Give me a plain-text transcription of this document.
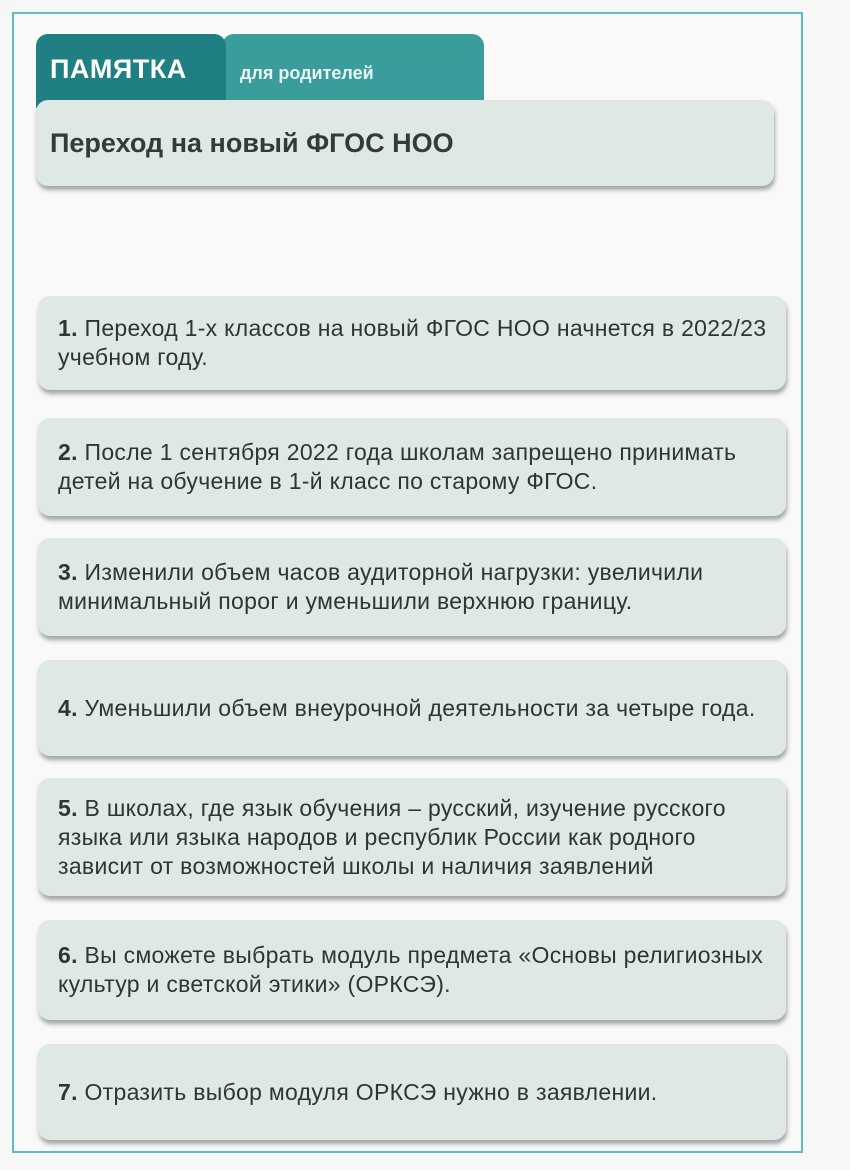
ПАМЯТКА	для родителей
Переход на новый ФГОС НОО
1. Переход 1-х классов на новый ФГОС НОО начнется в 2022/23 учебном году.
2. После 1 сентября 2022 года школам запрещено принимать детей на обучение в 1-й класс по старому ФГОС.
3. Изменили объем часов аудиторной нагрузки: увеличили минимальный порог и уменьшили верхнюю границу.
4. Уменьшили объем внеурочной деятельности за четыре года.
5. В школах, где язык обучения – русский, изучение русского языка или языка народов и республик России как родного зависит от возможностей школы и наличия заявлений
6. Вы сможете выбрать модуль предмета «Основы религиозных культур и светской этики» (ОРКСЭ).
7. Отразить выбор модуля ОРКСЭ нужно в заявлении.
